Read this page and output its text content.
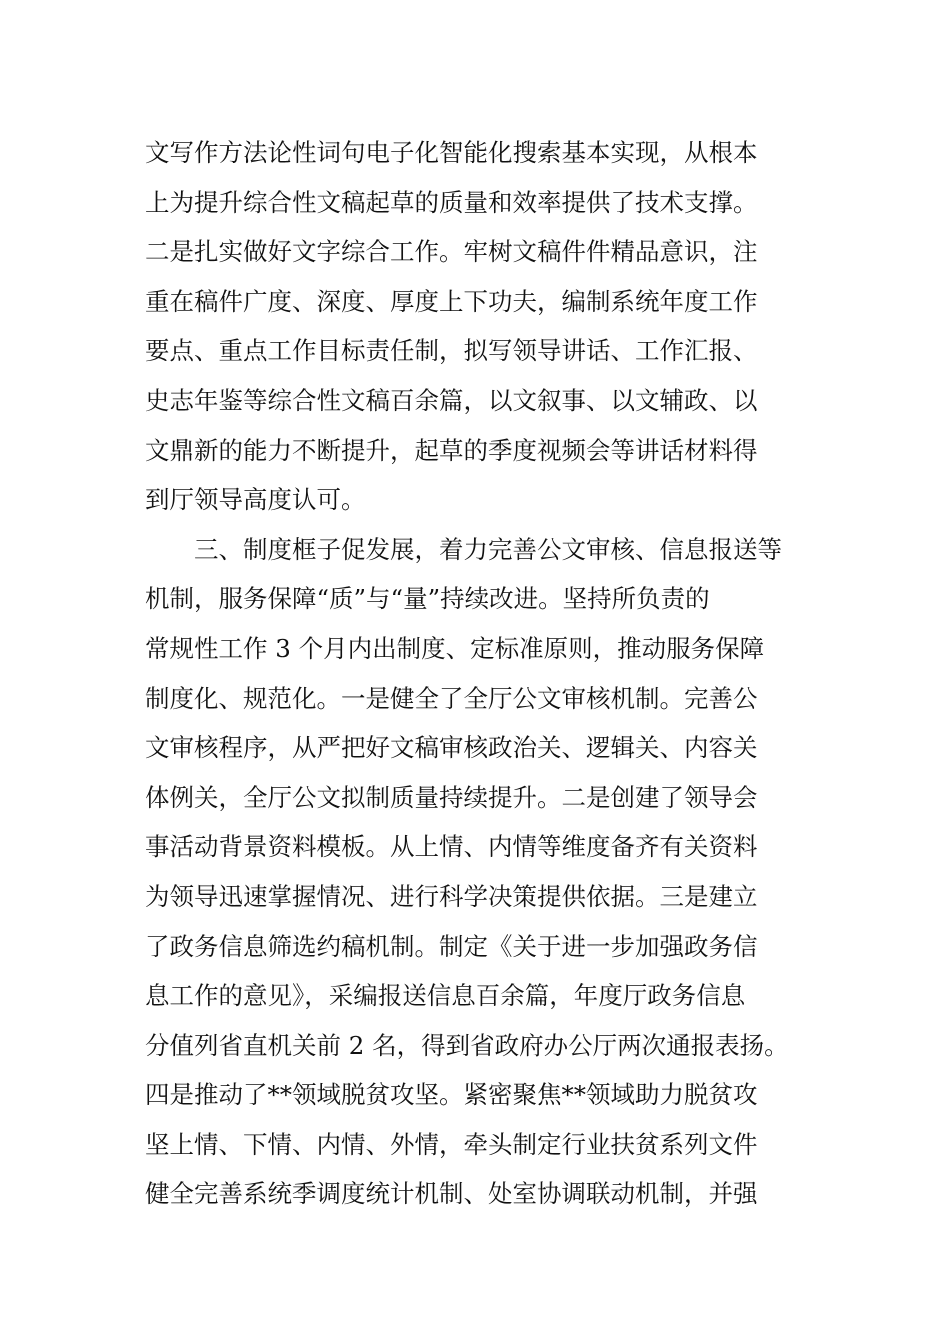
文写作方法论性词句电子化智能化搜索基本实现，从根本
上为提升综合性文稿起草的质量和效率提供了技术支撑。
二是扎实做好文字综合工作。牢树文稿件件精品意识，注
重在稿件广度、深度、厚度上下功夫，编制系统年度工作
要点、重点工作目标责任制，拟写领导讲话、工作汇报、
史志年鉴等综合性文稿百余篇，以文叙事、以文辅政、以
文鼎新的能力不断提升，起草的季度视频会等讲话材料得
到厅领导高度认可。
　　三、制度框子促发展，着力完善公文审核、信息报送等
机制，服务保障“质”与“量”持续改进。坚持所负责的
常规性工作 3 个月内出制度、定标准原则，推动服务保障
制度化、规范化。一是健全了全厅公文审核机制。完善公
文审核程序，从严把好文稿审核政治关、逻辑关、内容关
体例关，全厅公文拟制质量持续提升。二是创建了领导会
事活动背景资料模板。从上情、内情等维度备齐有关资料
为领导迅速掌握情况、进行科学决策提供依据。三是建立
了政务信息筛选约稿机制。制定《关于进一步加强政务信
息工作的意见》，采编报送信息百余篇，年度厅政务信息
分值列省直机关前 2 名，得到省政府办公厅两次通报表扬。
四是推动了**领域脱贫攻坚。紧密聚焦**领域助力脱贫攻
坚上情、下情、内情、外情，牵头制定行业扶贫系列文件
健全完善系统季调度统计机制、处室协调联动机制，并强
